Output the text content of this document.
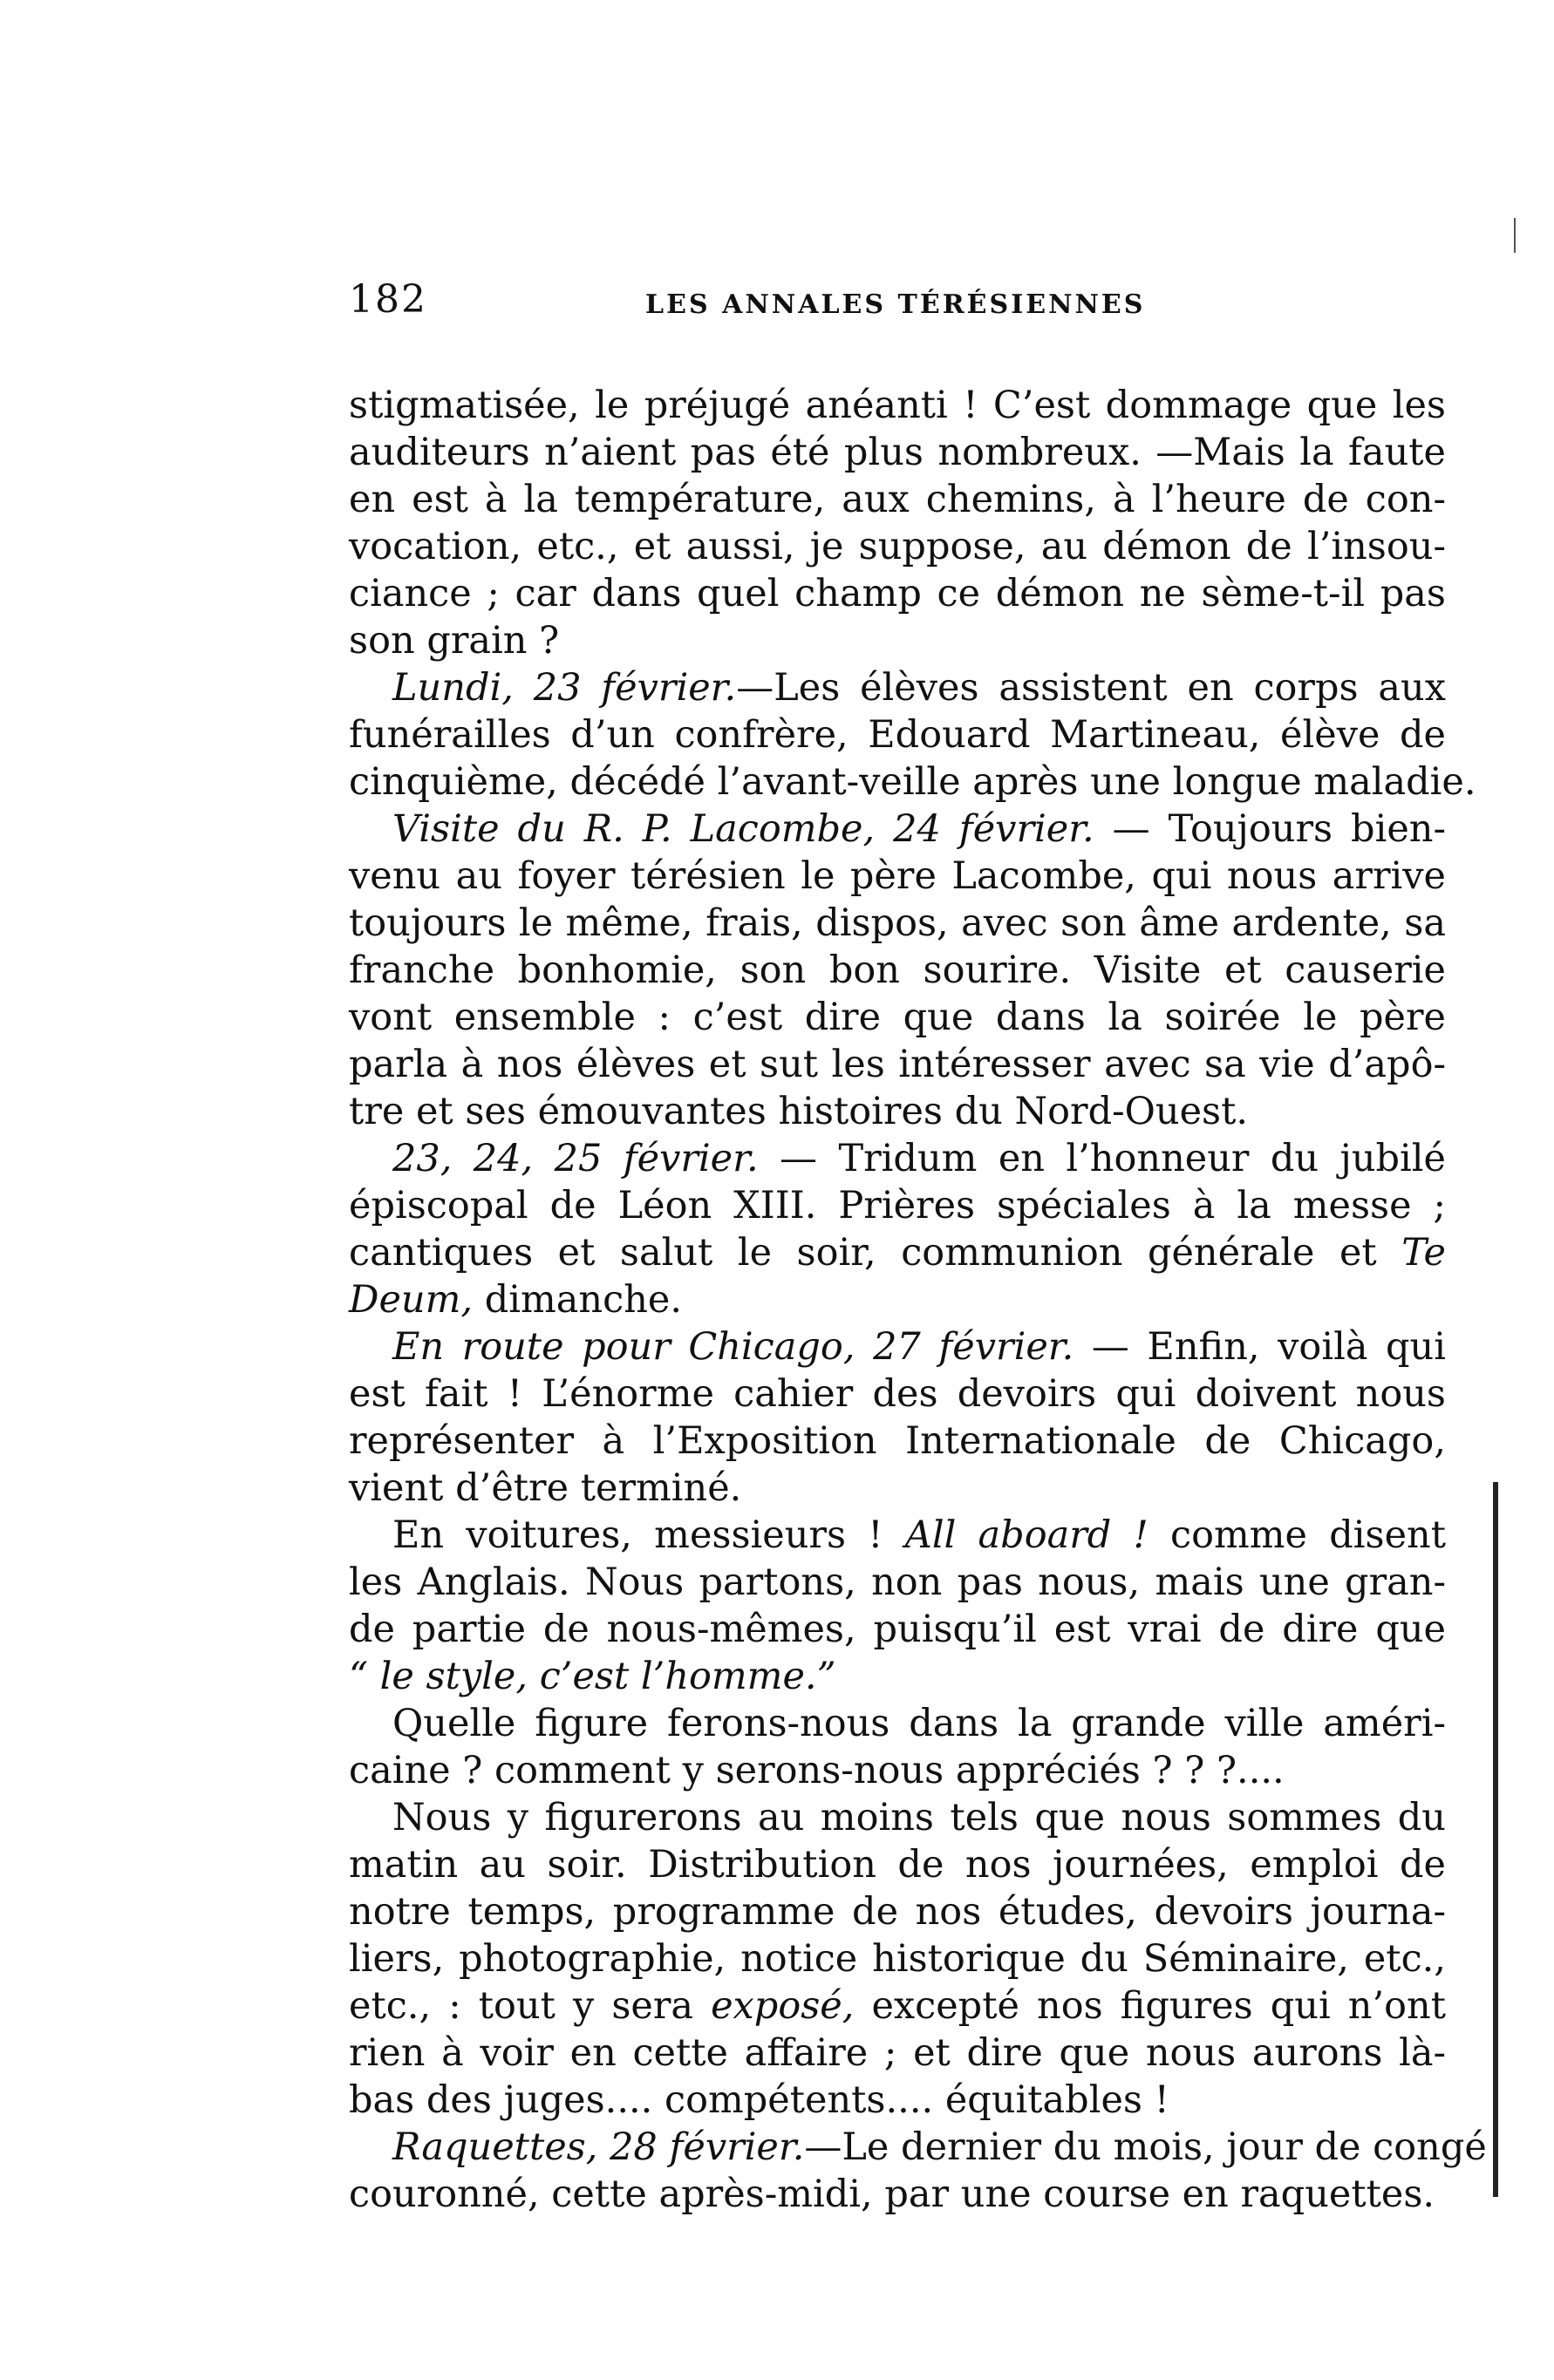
182	LES ANNALES TÉRÉSIENNES
stigmatisée, le préjugé anéanti ! C’est dommage que les
auditeurs n’aient pas été plus nombreux. —Mais la faute
en est à la température, aux chemins, à l’heure de con-
vocation, etc., et aussi, je suppose, au démon de l’insou-
ciance ; car dans quel champ ce démon ne sème-t-il pas
son grain ?
Lundi, 23 février.—Les élèves assistent en corps aux
funérailles d’un confrère, Edouard Martineau, élève de
cinquième, décédé l’avant-veille après une longue maladie.
Visite du R. P. Lacombe, 24 février. — Toujours bien-
venu au foyer térésien le père Lacombe, qui nous arrive
toujours le même, frais, dispos, avec son âme ardente, sa
franche bonhomie, son bon sourire. Visite et causerie
vont ensemble : c’est dire que dans la soirée le père
parla à nos élèves et sut les intéresser avec sa vie d’apô-
tre et ses émouvantes histoires du Nord-Ouest.
23, 24, 25 février. — Tridum en l’honneur du jubilé
épiscopal de Léon XIII. Prières spéciales à la messe ;
cantiques et salut le soir, communion générale et Te
Deum, dimanche.
En route pour Chicago, 27 février. — Enfin, voilà qui
est fait ! L’énorme cahier des devoirs qui doivent nous
représenter à l’Exposition Internationale de Chicago,
vient d’être terminé.
En voitures, messieurs ! All aboard ! comme disent
les Anglais. Nous partons, non pas nous, mais une gran-
de partie de nous-mêmes, puisqu’il est vrai de dire que
“ le style, c’est l’homme.”
Quelle figure ferons-nous dans la grande ville améri-
caine ? comment y serons-nous appréciés ? ? ?....
Nous y figurerons au moins tels que nous sommes du
matin au soir. Distribution de nos journées, emploi de
notre temps, programme de nos études, devoirs journa-
liers, photographie, notice historique du Séminaire, etc.,
etc., : tout y sera exposé, excepté nos figures qui n’ont
rien à voir en cette affaire ; et dire que nous aurons là-
bas des juges.... compétents.... équitables !
Raquettes, 28 février.—Le dernier du mois, jour de congé
couronné, cette après-midi, par une course en raquettes.
